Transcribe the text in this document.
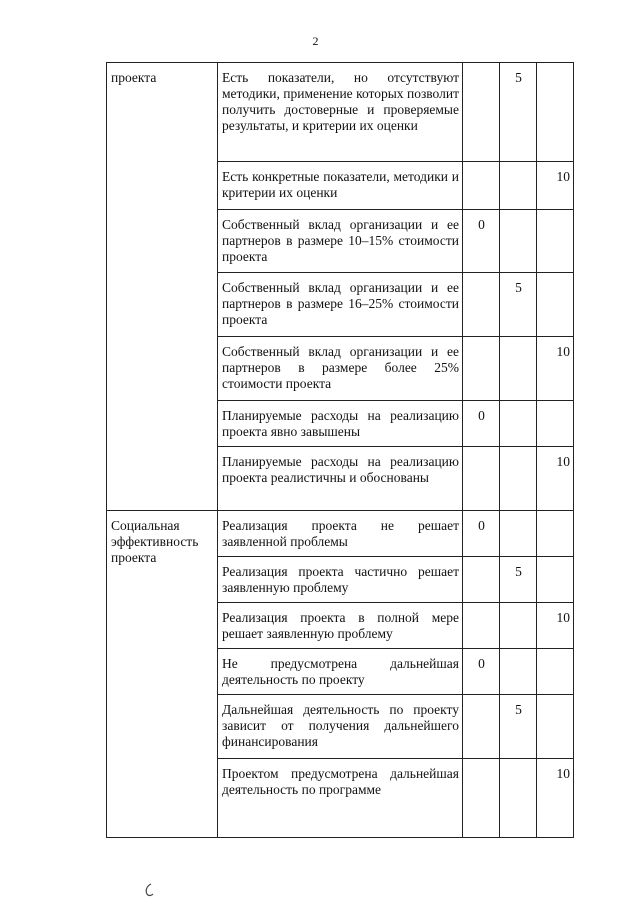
2
проекта	Есть показатели, но отсутствуют методики, применение которых позволит получить достоверные и проверяемые результаты, и критерии их оценки		5	
	Есть конкретные показатели, методики и критерии их оценки			10
	Собственный вклад организации и ее партнеров в размере 10–15% стоимости проекта	0		
	Собственный вклад организации и ее партнеров в размере 16–25% стоимости проекта		5	
	Собственный вклад организации и ее партнеров в размере более 25% стоимости проекта			10
	Планируемые расходы на реализацию проекта явно завышены	0		
	Планируемые расходы на реализацию проекта реалистичны и обоснованы			10
Социальная эффективность проекта	Реализация проекта не решает заявленной проблемы	0		
	Реализация проекта частично решает заявленную проблему		5	
	Реализация проекта в полной мере решает заявленную проблему			10
	Не предусмотрена дальнейшая деятельность по проекту	0		
	Дальнейшая деятельность по проекту зависит от получения дальнейшего финансирования		5	
	Проектом предусмотрена дальнейшая деятельность по программе			10
